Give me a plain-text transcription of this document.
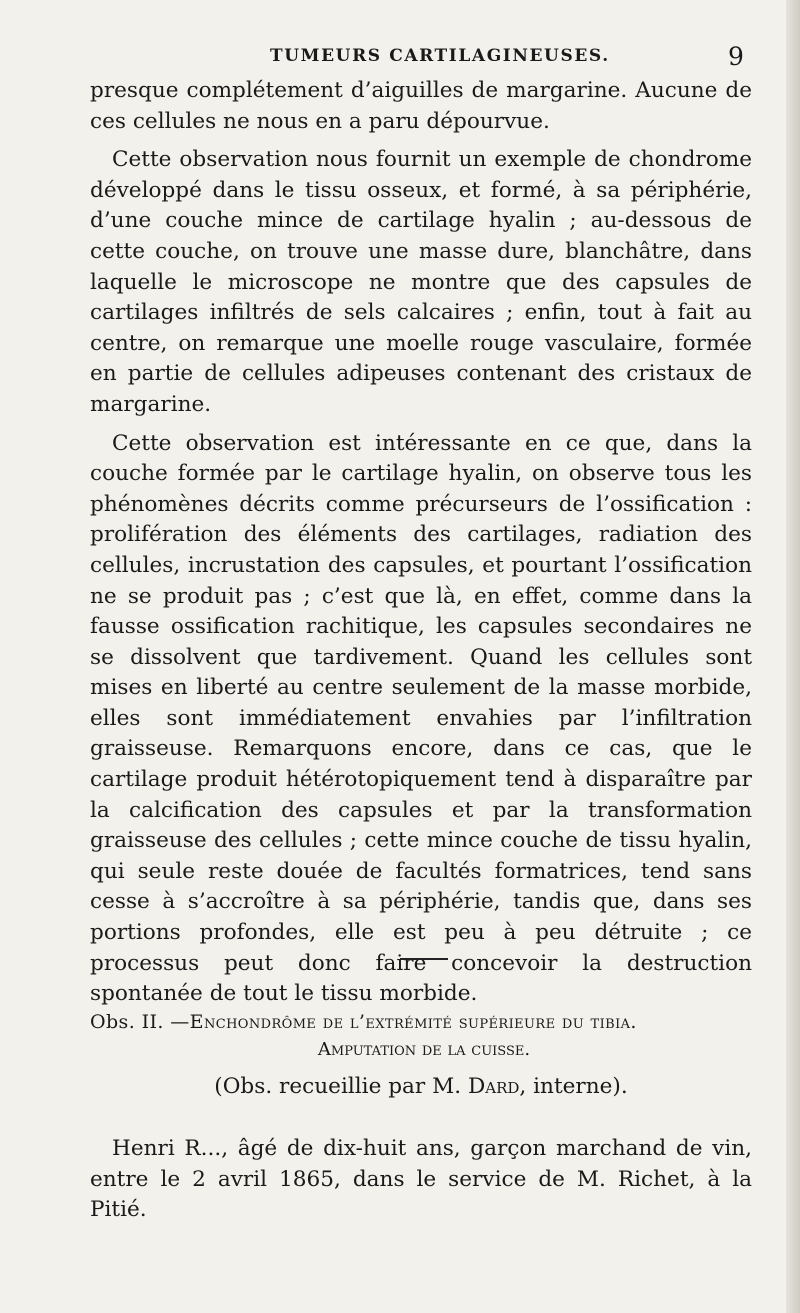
TUMEURS CARTILAGINEUSES.	9

presque complétement d’aiguilles de margarine. Aucune de ces cellules ne nous en a paru dépourvue.

Cette observation nous fournit un exemple de chondrome développé dans le tissu osseux, et formé, à sa périphérie, d’une couche mince de cartilage hyalin ; au-dessous de cette couche, on trouve une masse dure, blanchâtre, dans laquelle le microscope ne montre que des capsules de cartilages infiltrés de sels calcaires ; enfin, tout à fait au centre, on remarque une moelle rouge vasculaire, formée en partie de cellules adipeuses contenant des cristaux de margarine.

Cette observation est intéressante en ce que, dans la couche formée par le cartilage hyalin, on observe tous les phénomènes décrits comme précurseurs de l’ossification : prolifération des éléments des cartilages, radiation des cellules, incrustation des capsules, et pourtant l’ossification ne se produit pas ; c’est que là, en effet, comme dans la fausse ossification rachitique, les capsules secondaires ne se dissolvent que tardivement. Quand les cellules sont mises en liberté au centre seulement de la masse morbide, elles sont immédiatement envahies par l’infiltration graisseuse. Remarquons encore, dans ce cas, que le cartilage produit hétérotopiquement tend à disparaître par la calcification des capsules et par la transformation graisseuse des cellules ; cette mince couche de tissu hyalin, qui seule reste douée de facultés formatrices, tend sans cesse à s’accroître à sa périphérie, tandis que, dans ses portions profondes, elle est peu à peu détruite ; ce processus peut donc faire concevoir la destruction spontanée de tout le tissu morbide.

Obs. II. —Enchondrôme de l’extrémité supérieure du tibia.
Amputation de la cuisse.
(Obs. recueillie par M. Dard, interne).

Henri R..., âgé de dix-huit ans, garçon marchand de vin, entre le 2 avril 1865, dans le service de M. Richet, à la Pitié.
